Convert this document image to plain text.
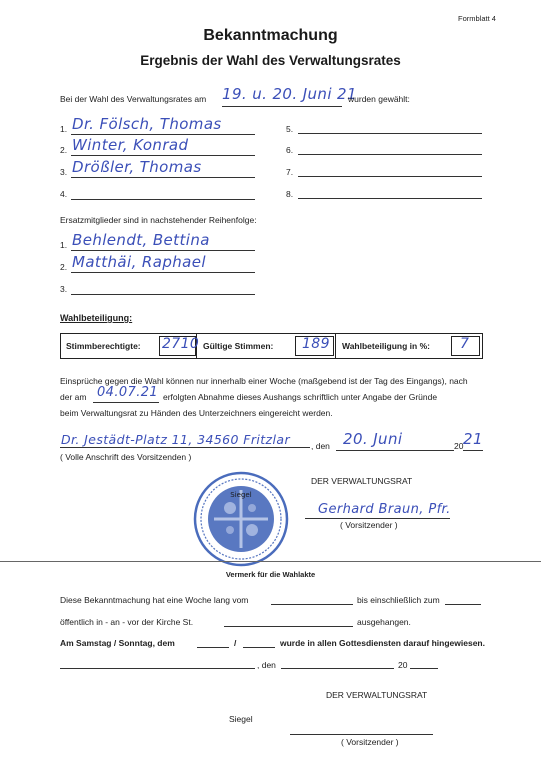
Formblatt 4
Bekanntmachung
Ergebnis der Wahl des Verwaltungsrates
Bei der Wahl des Verwaltungsrates am 19. u. 20. Juni 21
wurden gewählt:
1. Dr. Fölsch, Thomas
2. Winter, Konrad
3. Drößler, Thomas
4.
5.
6.
7.
8.
Ersatzmitglieder sind in nachstehender Reihenfolge:
1. Behlendt, Bettina
2. Matthäi, Raphael
3.
Wahlbeteiligung:
Stimmberechtigte: 2710 Gültige Stimmen: 189 Wahlbeteiligung in %: 7
Einsprüche gegen die Wahl können nur innerhalb einer Woche (maßgebend ist der Tag des Eingangs), nach
der am 04.07.21 erfolgten Abnahme dieses Aushangs schriftlich unter Angabe der Gründe
beim Verwaltungsrat zu Händen des Unterzeichners eingereicht werden.
Dr. Jestädt-Platz 11, 34560 Fritzlar , den 20. Juni	20 21
( Volle Anschrift des Vorsitzenden )
Siegel
DER VERWALTUNGSRAT
Gerhard Braun, Pfr.
( Vorsitzender )
Vermerk für die Wahlakte
Diese Bekanntmachung hat eine Woche lang vom	bis einschließlich zum
öffentlich in - an - vor der Kirche St.	ausgehangen.
Am Samstag / Sonntag, dem	/	wurde in allen Gottesdiensten darauf hingewiesen.
, den	20
DER VERWALTUNGSRAT
Siegel
( Vorsitzender )
